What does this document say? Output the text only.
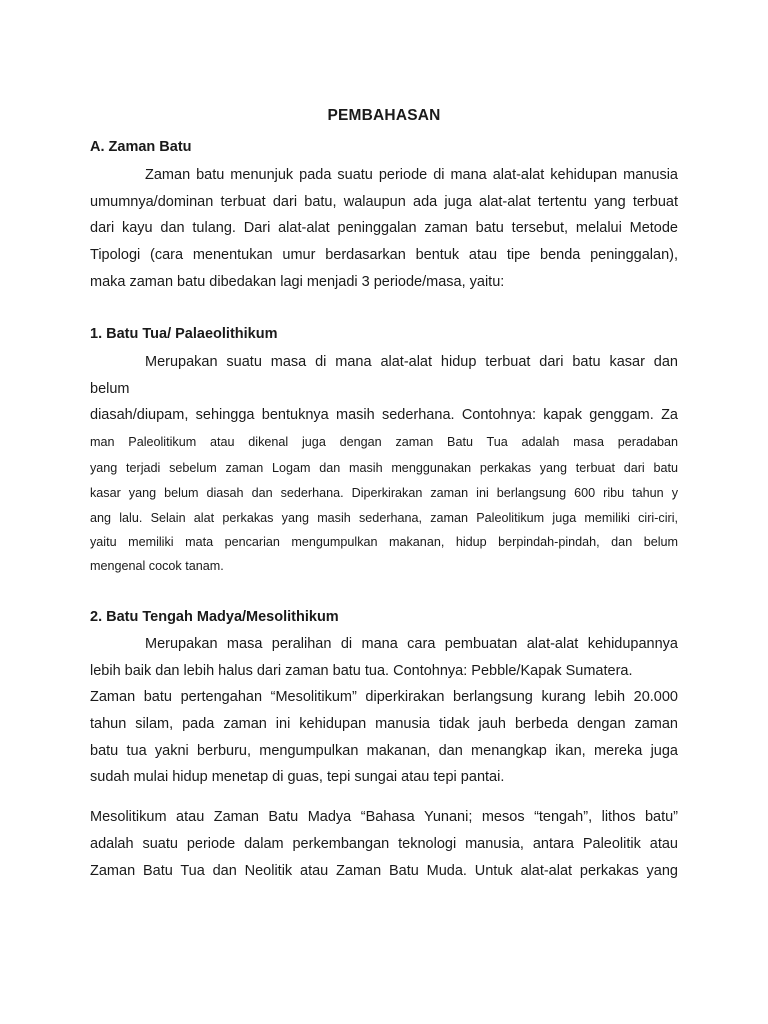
PEMBAHASAN
A. Zaman Batu
Zaman batu menunjuk pada suatu periode di mana alat-alat kehidupan manusia
umumnya/dominan terbuat dari batu, walaupun ada juga alat-alat tertentu yang terbuat
dari kayu dan tulang. Dari alat-alat peninggalan zaman batu tersebut, melalui Metode
Tipologi (cara menentukan umur berdasarkan bentuk atau tipe benda peninggalan),
maka zaman batu dibedakan lagi menjadi 3 periode/masa, yaitu:
1. Batu Tua/ Palaeolithikum
Merupakan suatu masa di mana alat-alat hidup terbuat dari batu kasar dan
belum
diasah/diupam, sehingga bentuknya masih sederhana. Contohnya: kapak genggam. Za
man Paleolitikum atau dikenal juga dengan zaman Batu Tua adalah masa peradaban
yang terjadi sebelum zaman Logam dan masih menggunakan perkakas yang terbuat dari batu
kasar yang belum diasah dan sederhana. Diperkirakan zaman ini berlangsung 600 ribu tahun y
ang lalu. Selain alat perkakas yang masih sederhana, zaman Paleolitikum juga memiliki ciri-ciri,
yaitu memiliki mata pencarian mengumpulkan makanan, hidup berpindah-pindah, dan belum
mengenal cocok tanam.
2. Batu Tengah Madya/Mesolithikum
Merupakan masa peralihan di mana cara pembuatan alat-alat kehidupannya
lebih baik dan lebih halus dari zaman batu tua. Contohnya: Pebble/Kapak Sumatera.
Zaman batu pertengahan “Mesolitikum” diperkirakan berlangsung kurang lebih 20.000
tahun silam, pada zaman ini kehidupan manusia tidak jauh berbeda dengan zaman
batu tua yakni berburu, mengumpulkan makanan, dan menangkap ikan, mereka juga
sudah mulai hidup menetap di guas, tepi sungai atau tepi pantai.
Mesolitikum atau Zaman Batu Madya “Bahasa Yunani; mesos “tengah”, lithos batu”
adalah suatu periode dalam perkembangan teknologi manusia, antara Paleolitik atau
Zaman Batu Tua dan Neolitik atau Zaman Batu Muda. Untuk alat-alat perkakas yang
